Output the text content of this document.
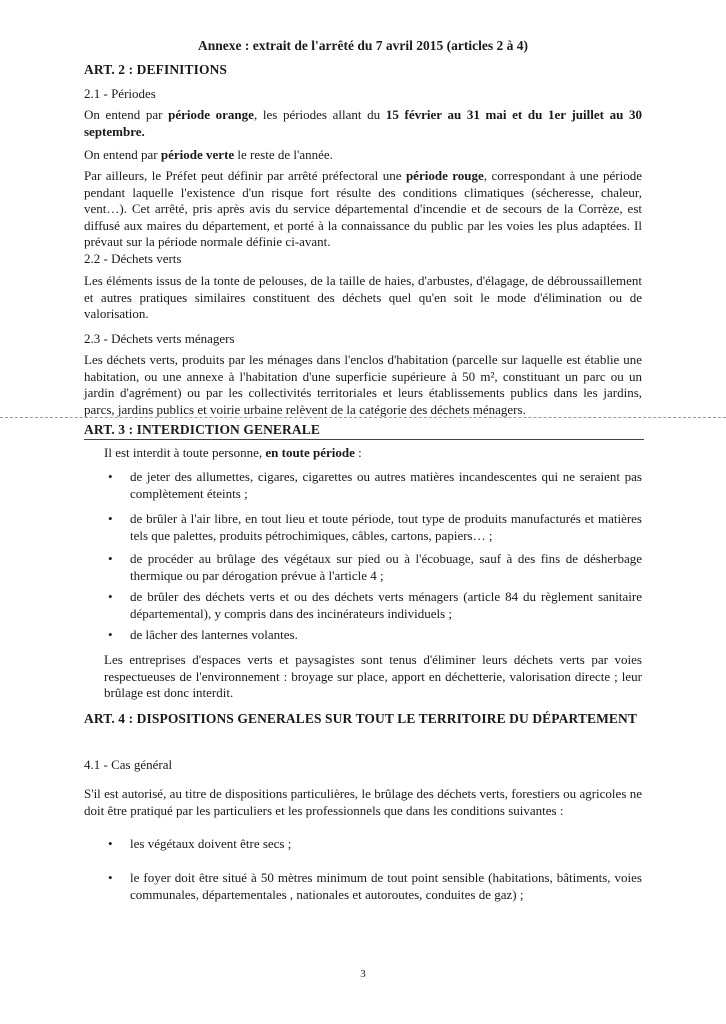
Annexe : extrait de l'arrêté du 7 avril 2015 (articles 2 à 4)
ART. 2 : DEFINITIONS
2.1 - Périodes
On entend par période orange, les périodes allant du 15 février au 31 mai et du 1er juillet au 30 septembre.
On entend par période verte le reste de l'année.
Par ailleurs, le Préfet peut définir par arrêté préfectoral une période rouge, correspondant à une période pendant laquelle l'existence d'un risque fort résulte des conditions climatiques (sécheresse, chaleur, vent…). Cet arrêté, pris après avis du service départemental d'incendie et de secours de la Corrèze, est diffusé aux maires du département, et porté à la connaissance du public par les voies les plus adaptées. Il prévaut sur la période normale définie ci-avant.
2.2 - Déchets verts
Les éléments issus de la tonte de pelouses, de la taille de haies, d'arbustes, d'élagage, de débroussaillement et autres pratiques similaires constituent des déchets quel qu'en soit le mode d'élimination ou de valorisation.
2.3 - Déchets verts ménagers
Les déchets verts, produits par les ménages dans l'enclos d'habitation (parcelle sur laquelle est établie une habitation, ou une annexe à l'habitation d'une superficie supérieure à 50 m², constituant un parc ou un jardin d'agrément) ou par les collectivités territoriales et leurs établissements publics dans les jardins, parcs, jardins publics et voirie urbaine relèvent de la catégorie des déchets ménagers.
ART. 3 : INTERDICTION GENERALE
Il est interdit à toute personne, en toute période :
• de jeter des allumettes, cigares, cigarettes ou autres matières incandescentes qui ne seraient pas complètement éteints ;
• de brûler à l'air libre, en tout lieu et toute période, tout type de produits manufacturés et matières tels que palettes, produits pétrochimiques, câbles, cartons, papiers… ;
• de procéder au brûlage des végétaux sur pied ou à l'écobuage, sauf à des fins de désherbage thermique ou par dérogation prévue à l'article 4 ;
• de brûler des déchets verts et ou des déchets verts ménagers (article 84 du règlement sanitaire départemental), y compris dans des incinérateurs individuels ;
• de lâcher des lanternes volantes.
Les entreprises d'espaces verts et paysagistes sont tenus d'éliminer leurs déchets verts par voies respectueuses de l'environnement : broyage sur place, apport en déchetterie, valorisation directe ; leur brûlage est donc interdit.
ART. 4 : DISPOSITIONS GENERALES SUR TOUT LE TERRITOIRE DU DÉPARTEMENT
4.1 - Cas général
S'il est autorisé, au titre de dispositions particulières, le brûlage des déchets verts, forestiers ou agricoles ne doit être pratiqué par les particuliers et les professionnels que dans les conditions suivantes :
• les végétaux doivent être secs ;
• le foyer doit être situé à 50 mètres minimum de tout point sensible (habitations, bâtiments, voies communales, départementales , nationales et autoroutes, conduites de gaz) ;
3
